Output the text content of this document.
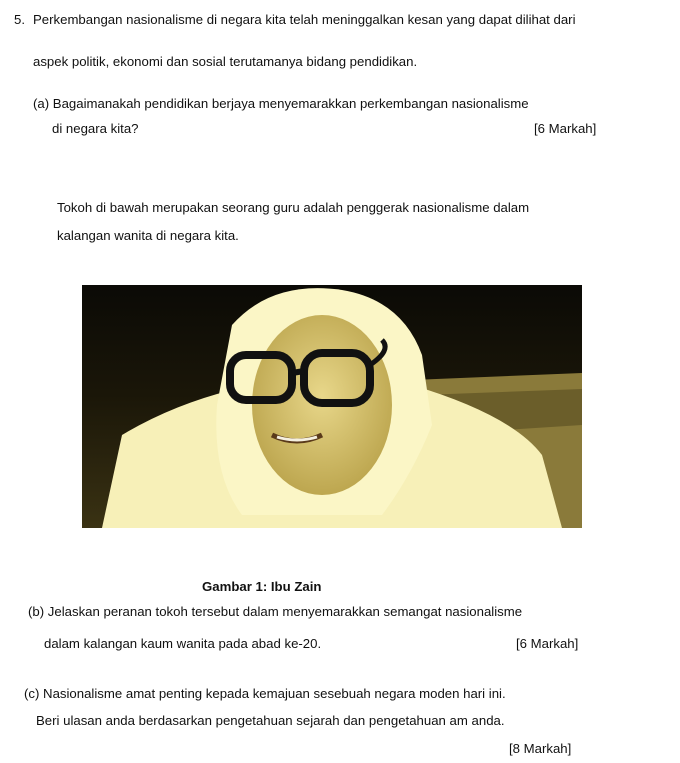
5. Perkembangan nasionalisme di negara kita telah meninggalkan kesan yang dapat dilihat dari
aspek politik, ekonomi dan sosial terutamanya bidang pendidikan.
(a) Bagaimanakah pendidikan berjaya menyemarakkan perkembangan nasionalisme
di negara kita?	[6 Markah]
Tokoh di bawah merupakan seorang guru adalah penggerak nasionalisme dalam
kalangan wanita di negara kita.
Gambar 1: Ibu Zain
(b) Jelaskan peranan tokoh tersebut dalam menyemarakkan semangat nasionalisme
dalam kalangan kaum wanita pada abad ke-20.	[6 Markah]
(c) Nasionalisme amat penting kepada kemajuan sesebuah negara moden hari ini.
Beri ulasan anda berdasarkan pengetahuan sejarah dan pengetahuan am anda.
[8 Markah]
